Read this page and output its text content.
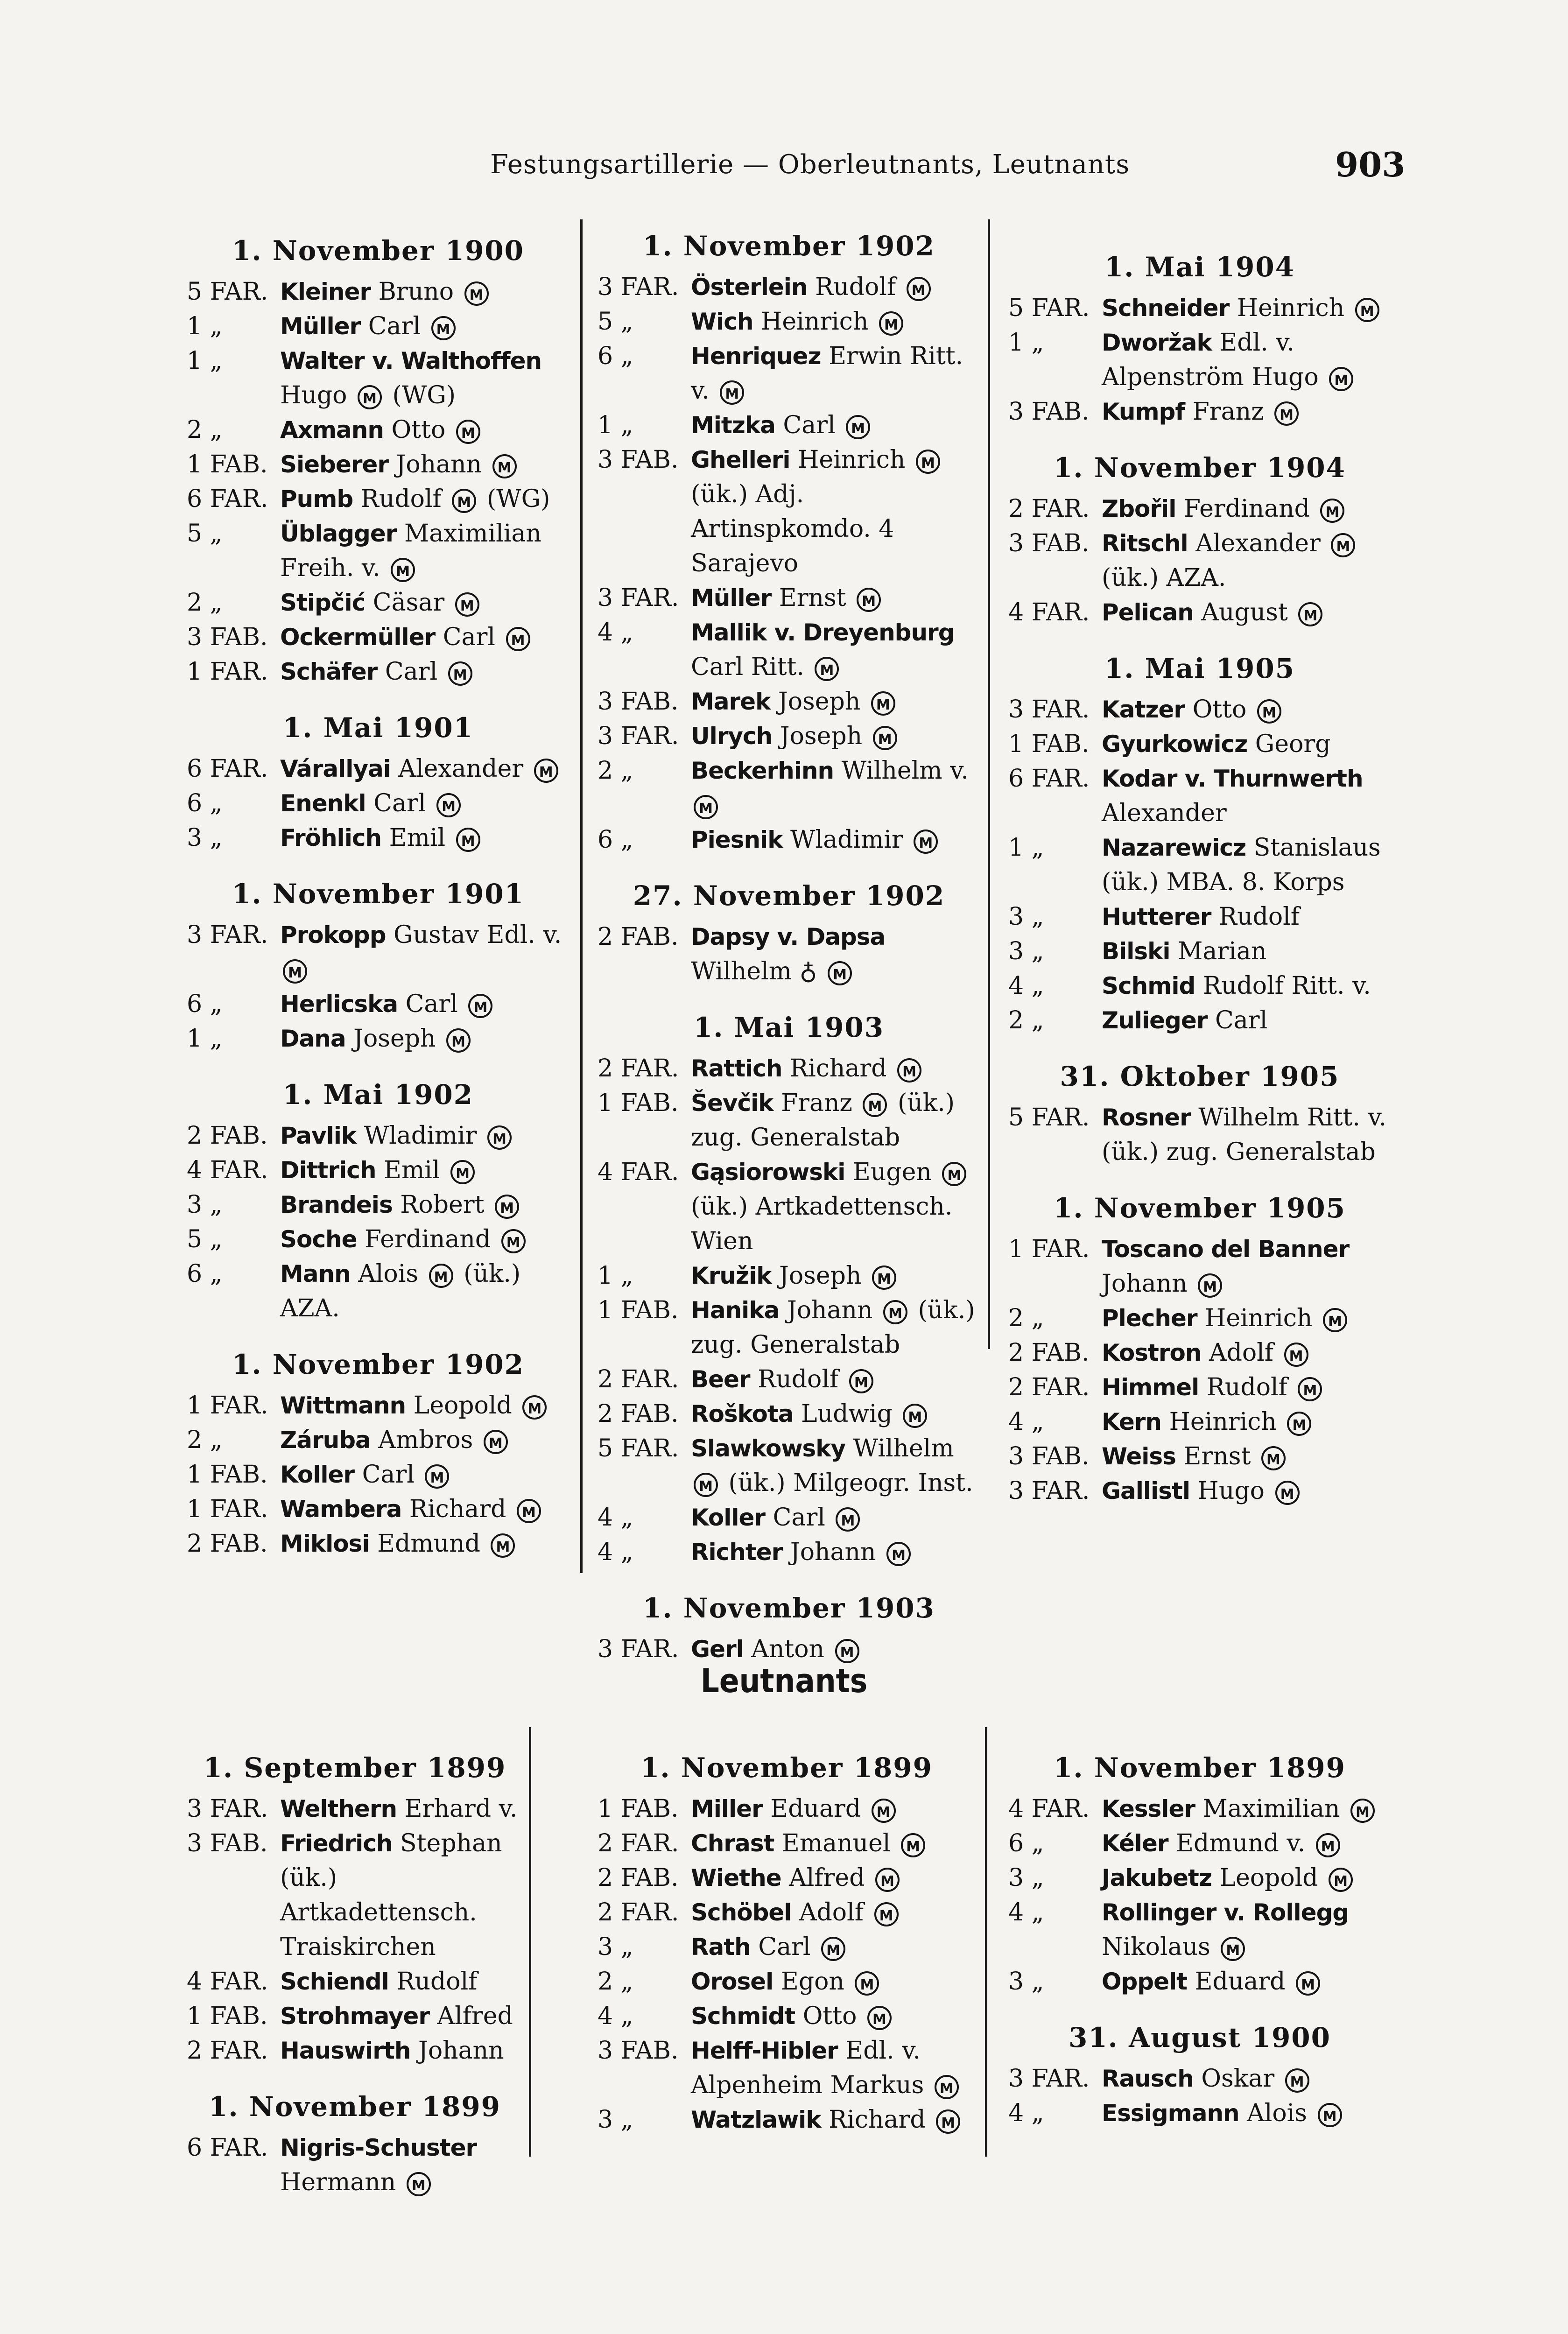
Festungsartillerie — Oberleutnants, Leutnants	903
1. November 1900
5 FAR. Kleiner Bruno M
1 „	Müller Carl M
1 „	Walter v. Walthoffen Hugo M (WG)
2 „	Axmann Otto M
1 FAB. Sieberer Johann M
6 FAR. Pumb Rudolf M (WG)
5 „	Üblagger Maximilian Freih. v. M
2 „	Stipčić Cäsar M
3 FAB. Ockermüller Carl M
1 FAR. Schäfer Carl M
1. Mai 1901
6 FAR. Várallyai Alexander M
6 „	Enenkl Carl M
3 „	Fröhlich Emil M
1. November 1901
3 FAR. Prokopp Gustav Edl. v. M
6 „	Herlicska Carl M
1 „	Dana Joseph M
1. Mai 1902
2 FAB. Pavlik Wladimir M
4 FAR. Dittrich Emil M
3 „	Brandeis Robert M
5 „	Soche Ferdinand M
6 „	Mann Alois M (ük.) AZA.
1. November 1902
1 FAR. Wittmann Leopold M
2 „	Záruba Ambros M
1 FAB. Koller Carl M
1 FAR. Wambera Richard M
2 FAB. Miklosi Edmund M
1. November 1902
3 FAR. Österlein Rudolf M
5 „	Wich Heinrich M
6 „	Henriquez Erwin Ritt. v. M
1 „	Mitzka Carl M
3 FAB. Ghelleri Heinrich M (ük.) Adj. Artinspkomdo. 4 Sarajevo
3 FAR. Müller Ernst M
4 „	Mallik v. Dreyenburg Carl Ritt. M
3 FAB. Marek Joseph M
3 FAR. Ulrych Joseph M
2 „	Beckerhinn Wilhelm v. M
6 „	Piesnik Wladimir M
27. November 1902
2 FAB. Dapsy v. Dapsa Wilhelm ♁ M
1. Mai 1903
2 FAR. Rattich Richard M
1 FAB. Ševčik Franz M (ük.) zug. Generalstab
4 FAR. Gąsiorowski Eugen M (ük.) Artkadettensch. Wien
1 „	Kružik Joseph M
1 FAB. Hanika Johann M (ük.) zug. Generalstab
2 FAR. Beer Rudolf M
2 FAB. Roškota Ludwig M
5 FAR. Slawkowsky Wilhelm M (ük.) Milgeogr. Inst.
4 „	Koller Carl M
4 „	Richter Johann M
1. November 1903
3 FAR. Gerl Anton M
1. Mai 1904
5 FAR. Schneider Heinrich M
1 „	Dworžak Edl. v. Alpenström Hugo M
3 FAB. Kumpf Franz M
1. November 1904
2 FAR. Zbořil Ferdinand M
3 FAB. Ritschl Alexander M (ük.) AZA.
4 FAR. Pelican August M
1. Mai 1905
3 FAR. Katzer Otto M
1 FAB. Gyurkowicz Georg
6 FAR. Kodar v. Thurnwerth Alexander
1 „	Nazarewicz Stanislaus (ük.) MBA. 8. Korps
3 „	Hutterer Rudolf
3 „	Bilski Marian
4 „	Schmid Rudolf Ritt. v.
2 „	Zulieger Carl
31. Oktober 1905
5 FAR. Rosner Wilhelm Ritt. v. (ük.) zug. Generalstab
1. November 1905
1 FAR. Toscano del Banner Johann M
2 „	Plecher Heinrich M
2 FAB. Kostron Adolf M
2 FAR. Himmel Rudolf M
4 „	Kern Heinrich M
3 FAB. Weiss Ernst M
3 FAR. Gallistl Hugo M
Leutnants
1. September 1899
3 FAR. Welthern Erhard v.
3 FAB. Friedrich Stephan (ük.) Artkadettensch. Traiskirchen
4 FAR. Schiendl Rudolf
1 FAB. Strohmayer Alfred
2 FAR. Hauswirth Johann
1. November 1899
6 FAR. Nigris-Schuster Hermann M
1. November 1899
1 FAB. Miller Eduard M
2 FAR. Chrast Emanuel M
2 FAB. Wiethe Alfred M
2 FAR. Schöbel Adolf M
3 „	Rath Carl M
2 „	Orosel Egon M
4 „	Schmidt Otto M
3 FAB. Helff-Hibler Edl. v. Alpenheim Markus M
3 „	Watzlawik Richard M
1. November 1899
4 FAR. Kessler Maximilian M
6 „	Kéler Edmund v. M
3 „	Jakubetz Leopold M
4 „	Rollinger v. Rollegg Nikolaus M
3 „	Oppelt Eduard M
31. August 1900
3 FAR. Rausch Oskar M
4 „	Essigmann Alois M
